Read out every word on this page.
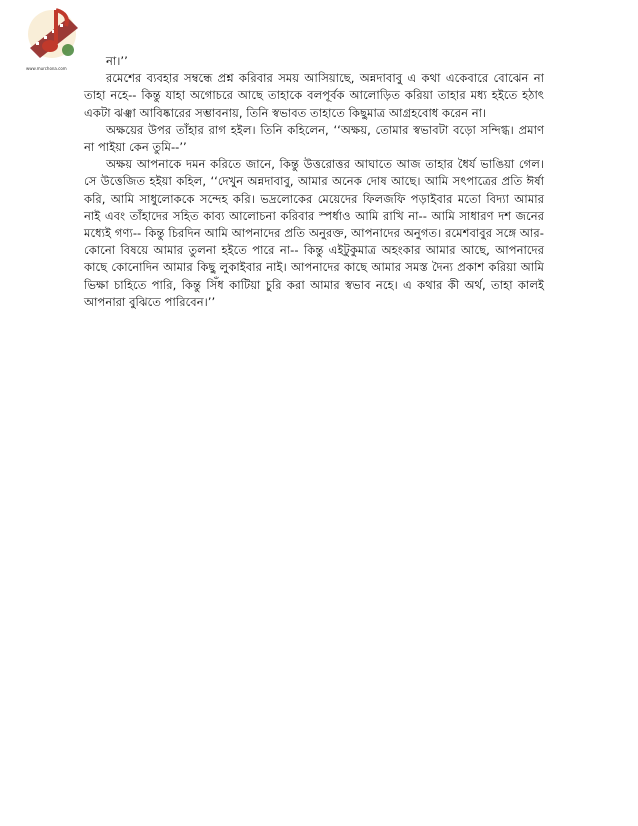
www.murchona.com

না।’’

রমেশের ব্যবহার সম্বন্ধে প্রশ্ন করিবার সময় আসিয়াছে, অন্নদাবাবু এ কথা একেবারে বোঝেন না তাহা নহে-- কিন্তু যাহা অগোচরে আছে তাহাকে বলপূর্বক আলোড়িত করিয়া তাহার মধ্য হইতে হঠাৎ একটা ঝঞ্ঝা আবিষ্কারের সম্ভাবনায়, তিনি স্বভাবত তাহাতে কিছুমাত্র আগ্রহবোধ করেন না।

অক্ষয়ের উপর তাঁহার রাগ হইল। তিনি কহিলেন, ‘‘অক্ষয়, তোমার স্বভাবটা বড়ো সন্দিগ্ধ। প্রমাণ না পাইয়া কেন তুমি--’’

অক্ষয় আপনাকে দমন করিতে জানে, কিন্তু উত্তরোত্তর আঘাতে আজ তাহার ধৈর্য ভাঙিয়া গেল। সে উত্তেজিত হইয়া কহিল, ‘‘দেখুন অন্নদাবাবু, আমার অনেক দোষ আছে। আমি সৎপাত্রের প্রতি ঈর্ষা করি, আমি সাধুলোককে সন্দেহ করি। ভদ্রলোকের মেয়েদের ফিলজফি পড়াইবার মতো বিদ্যা আমার নাই এবং তাঁহাদের সহিত কাব্য আলোচনা করিবার স্পর্ধাও আমি রাখি না-- আমি সাধারণ দশ জনের মধ্যেই গণ্য-- কিন্তু চিরদিন আমি আপনাদের প্রতি অনুরক্ত, আপনাদের অনুগত। রমেশবাবুর সঙ্গে আর-কোনো বিষয়ে আমার তুলনা হইতে পারে না-- কিন্তু এইটুকুমাত্র অহংকার আমার আছে, আপনাদের কাছে কোনোদিন আমার কিছু লুকাইবার নাই। আপনাদের কাছে আমার সমস্ত দৈন্য প্রকাশ করিয়া আমি ভিক্ষা চাহিতে পারি, কিন্তু সিঁধ কাটিয়া চুরি করা আমার স্বভাব নহে। এ কথার কী অর্থ, তাহা কালই আপনারা বুঝিতে পারিবেন।’’
